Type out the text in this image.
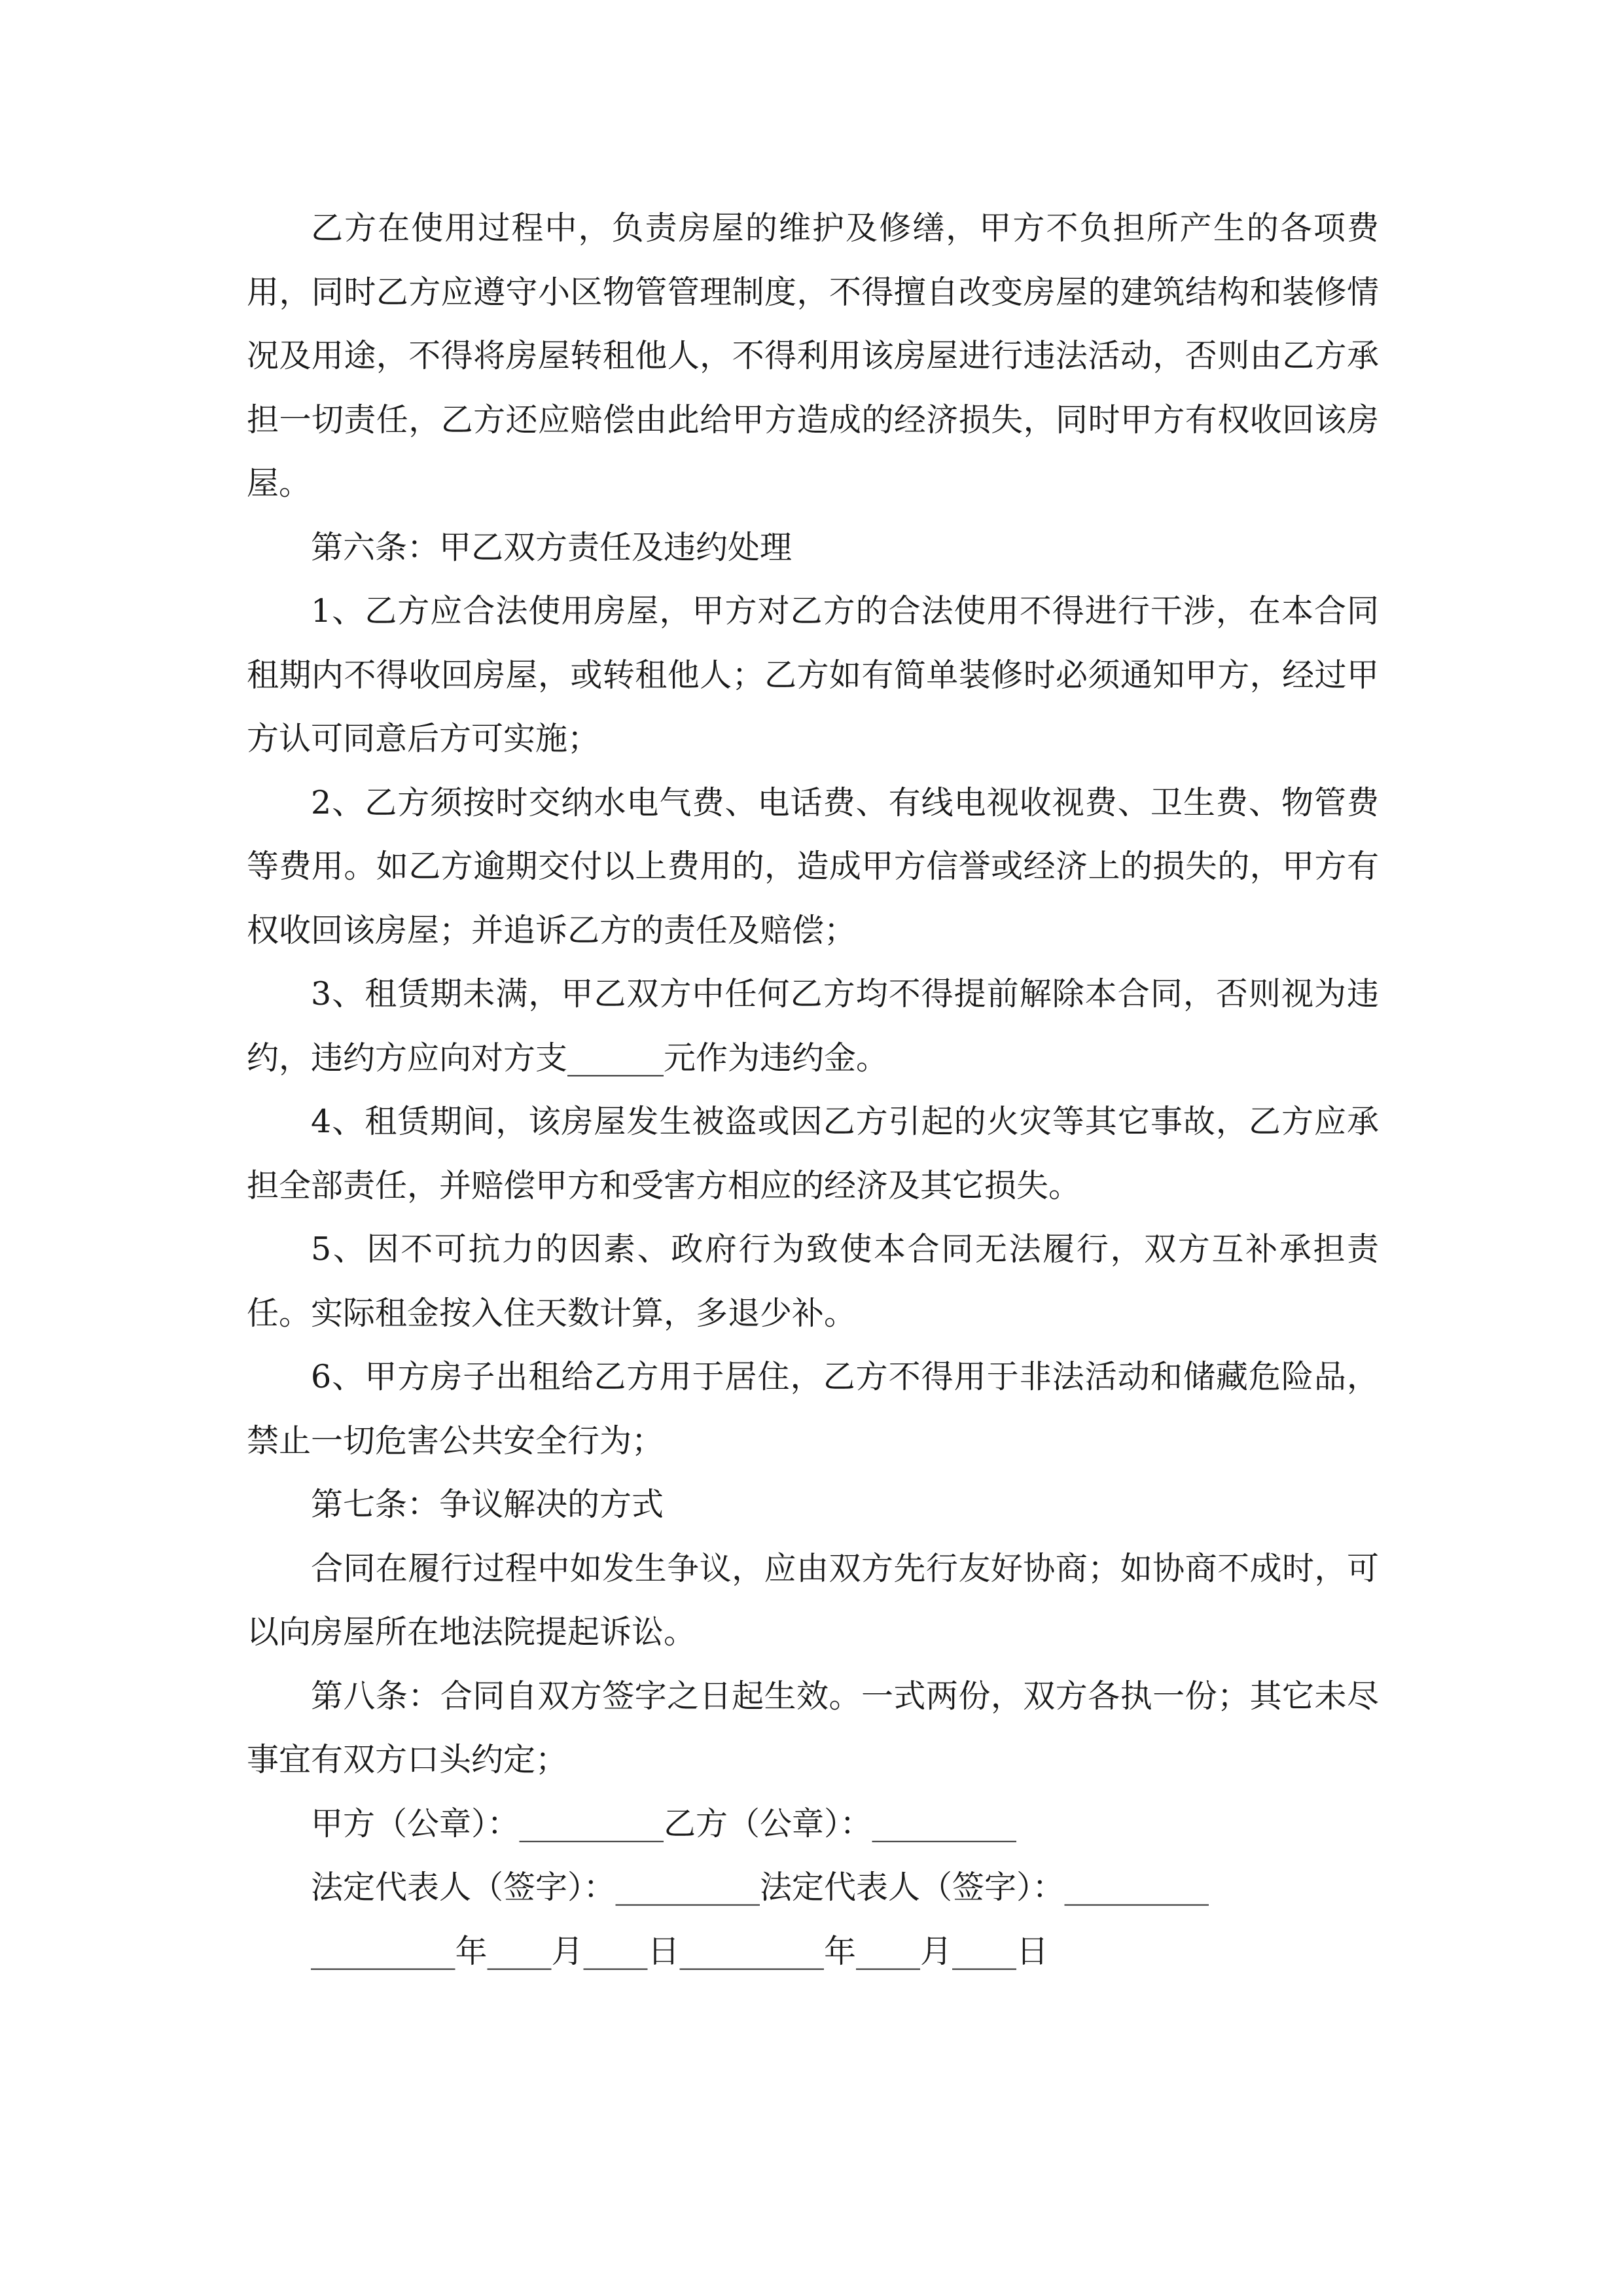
乙方在使用过程中，负责房屋的维护及修缮，甲方不负担所产生的各项费用，同时乙方应遵守小区物管管理制度，不得擅自改变房屋的建筑结构和装修情况及用途，不得将房屋转租他人，不得利用该房屋进行违法活动，否则由乙方承担一切责任，乙方还应赔偿由此给甲方造成的经济损失，同时甲方有权收回该房屋。

第六条：甲乙双方责任及违约处理

1、乙方应合法使用房屋，甲方对乙方的合法使用不得进行干涉，在本合同租期内不得收回房屋，或转租他人；乙方如有简单装修时必须通知甲方，经过甲方认可同意后方可实施；

2、乙方须按时交纳水电气费、电话费、有线电视收视费、卫生费、物管费等费用。如乙方逾期交付以上费用的，造成甲方信誉或经济上的损失的，甲方有权收回该房屋；并追诉乙方的责任及赔偿；

3、租赁期未满，甲乙双方中任何乙方均不得提前解除本合同，否则视为违约，违约方应向对方支______元作为违约金。

4、租赁期间，该房屋发生被盗或因乙方引起的火灾等其它事故，乙方应承担全部责任，并赔偿甲方和受害方相应的经济及其它损失。

5、因不可抗力的因素、政府行为致使本合同无法履行，双方互补承担责任。实际租金按入住天数计算，多退少补。

6、甲方房子出租给乙方用于居住，乙方不得用于非法活动和储藏危险品，禁止一切危害公共安全行为；

第七条：争议解决的方式

合同在履行过程中如发生争议，应由双方先行友好协商；如协商不成时，可以向房屋所在地法院提起诉讼。

第八条：合同自双方签字之日起生效。一式两份，双方各执一份；其它未尽事宜有双方口头约定；

甲方（公章）：_________乙方（公章）：_________

法定代表人（签字）：_________法定代表人（签字）：_________

_________年____月____日_________年____月____日
